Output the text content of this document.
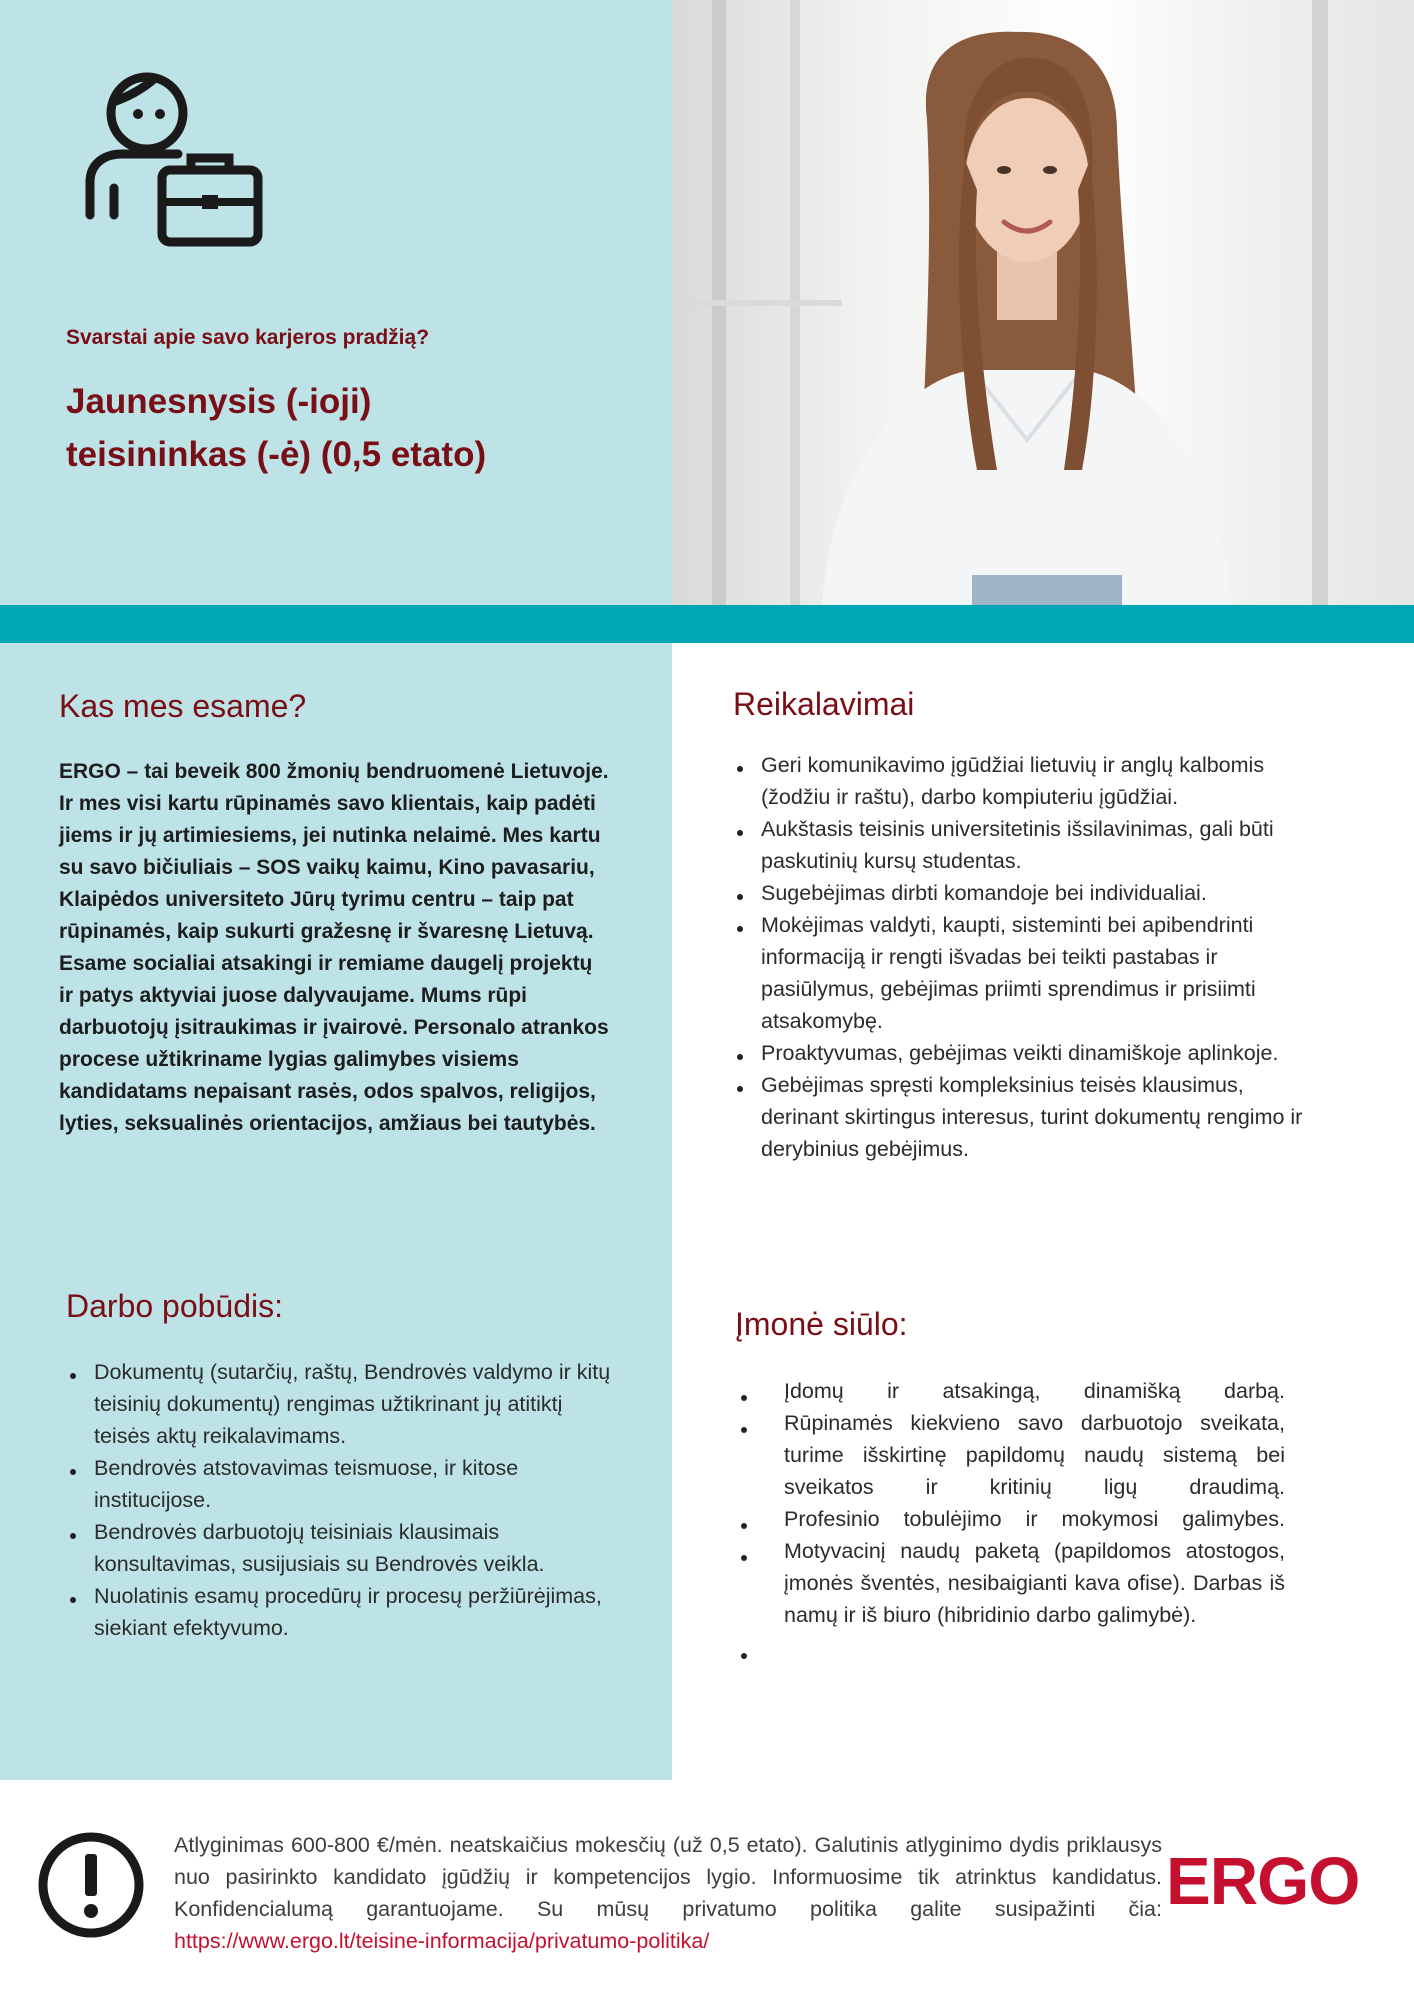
Svarstai apie savo karjeros pradžią?
Jaunesnysis (-ioji)
teisininkas (-ė) (0,5 etato)
Kas mes esame?
ERGO – tai beveik 800 žmonių bendruomenė Lietuvoje. Ir mes visi kartu rūpinamės savo klientais, kaip padėti jiems ir jų artimiesiems, jei nutinka nelaimė. Mes kartu su savo bičiuliais – SOS vaikų kaimu, Kino pavasariu, Klaipėdos universiteto Jūrų tyrimu centru – taip pat rūpinamės, kaip sukurti gražesnę ir švaresnę Lietuvą. Esame socialiai atsakingi ir remiame daugelį projektų ir patys aktyviai juose dalyvaujame. Mums rūpi darbuotojų įsitraukimas ir įvairovė. Personalo atrankos procese užtikriname lygias galimybes visiems kandidatams nepaisant rasės, odos spalvos, religijos, lyties, seksualinės orientacijos, amžiaus bei tautybės.
Darbo pobūdis:
Dokumentų (sutarčių, raštų, Bendrovės valdymo ir kitų teisinių dokumentų) rengimas užtikrinant jų atitiktį teisės aktų reikalavimams.
Bendrovės atstovavimas teismuose, ir kitose institucijose.
Bendrovės darbuotojų teisiniais klausimais konsultavimas, susijusiais su Bendrovės veikla.
Nuolatinis esamų procedūrų ir procesų peržiūrėjimas, siekiant efektyvumo.
Reikalavimai
Geri komunikavimo įgūdžiai lietuvių ir anglų kalbomis (žodžiu ir raštu), darbo kompiuteriu įgūdžiai.
Aukštasis teisinis universitetinis išsilavinimas, gali būti paskutinių kursų studentas.
Sugebėjimas dirbti komandoje bei individualiai.
Mokėjimas valdyti, kaupti, sisteminti bei apibendrinti informaciją ir rengti išvadas bei teikti pastabas ir pasiūlymus, gebėjimas priimti sprendimus ir prisiimti atsakomybę.
Proaktyvumas, gebėjimas veikti dinamiškoje aplinkoje.
Gebėjimas spręsti kompleksinius teisės klausimus, derinant skirtingus interesus, turint dokumentų rengimo ir derybinius gebėjimus.
Įmonė siūlo:
Įdomų ir atsakingą, dinamišką darbą.
Rūpinamės kiekvieno savo darbuotojo sveikata, turime išskirtinę papildomų naudų sistemą bei sveikatos ir kritinių ligų draudimą.
Profesinio tobulėjimo ir mokymosi galimybes.
Motyvacinį naudų paketą (papildomos atostogos, įmonės šventės, nesibaigianti kava ofise). Darbas iš namų ir iš biuro (hibridinio darbo galimybė).
Atlyginimas 600-800 €/mėn. neatskaičius mokesčių (už 0,5 etato). Galutinis atlyginimo dydis priklausys nuo pasirinkto kandidato įgūdžių ir kompetencijos lygio. Informuosime tik atrinktus kandidatus. Konfidencialumą garantuojame. Su mūsų privatumo politika galite susipažinti čia: https://www.ergo.lt/teisine-informacija/privatumo-politika/
ERGO
